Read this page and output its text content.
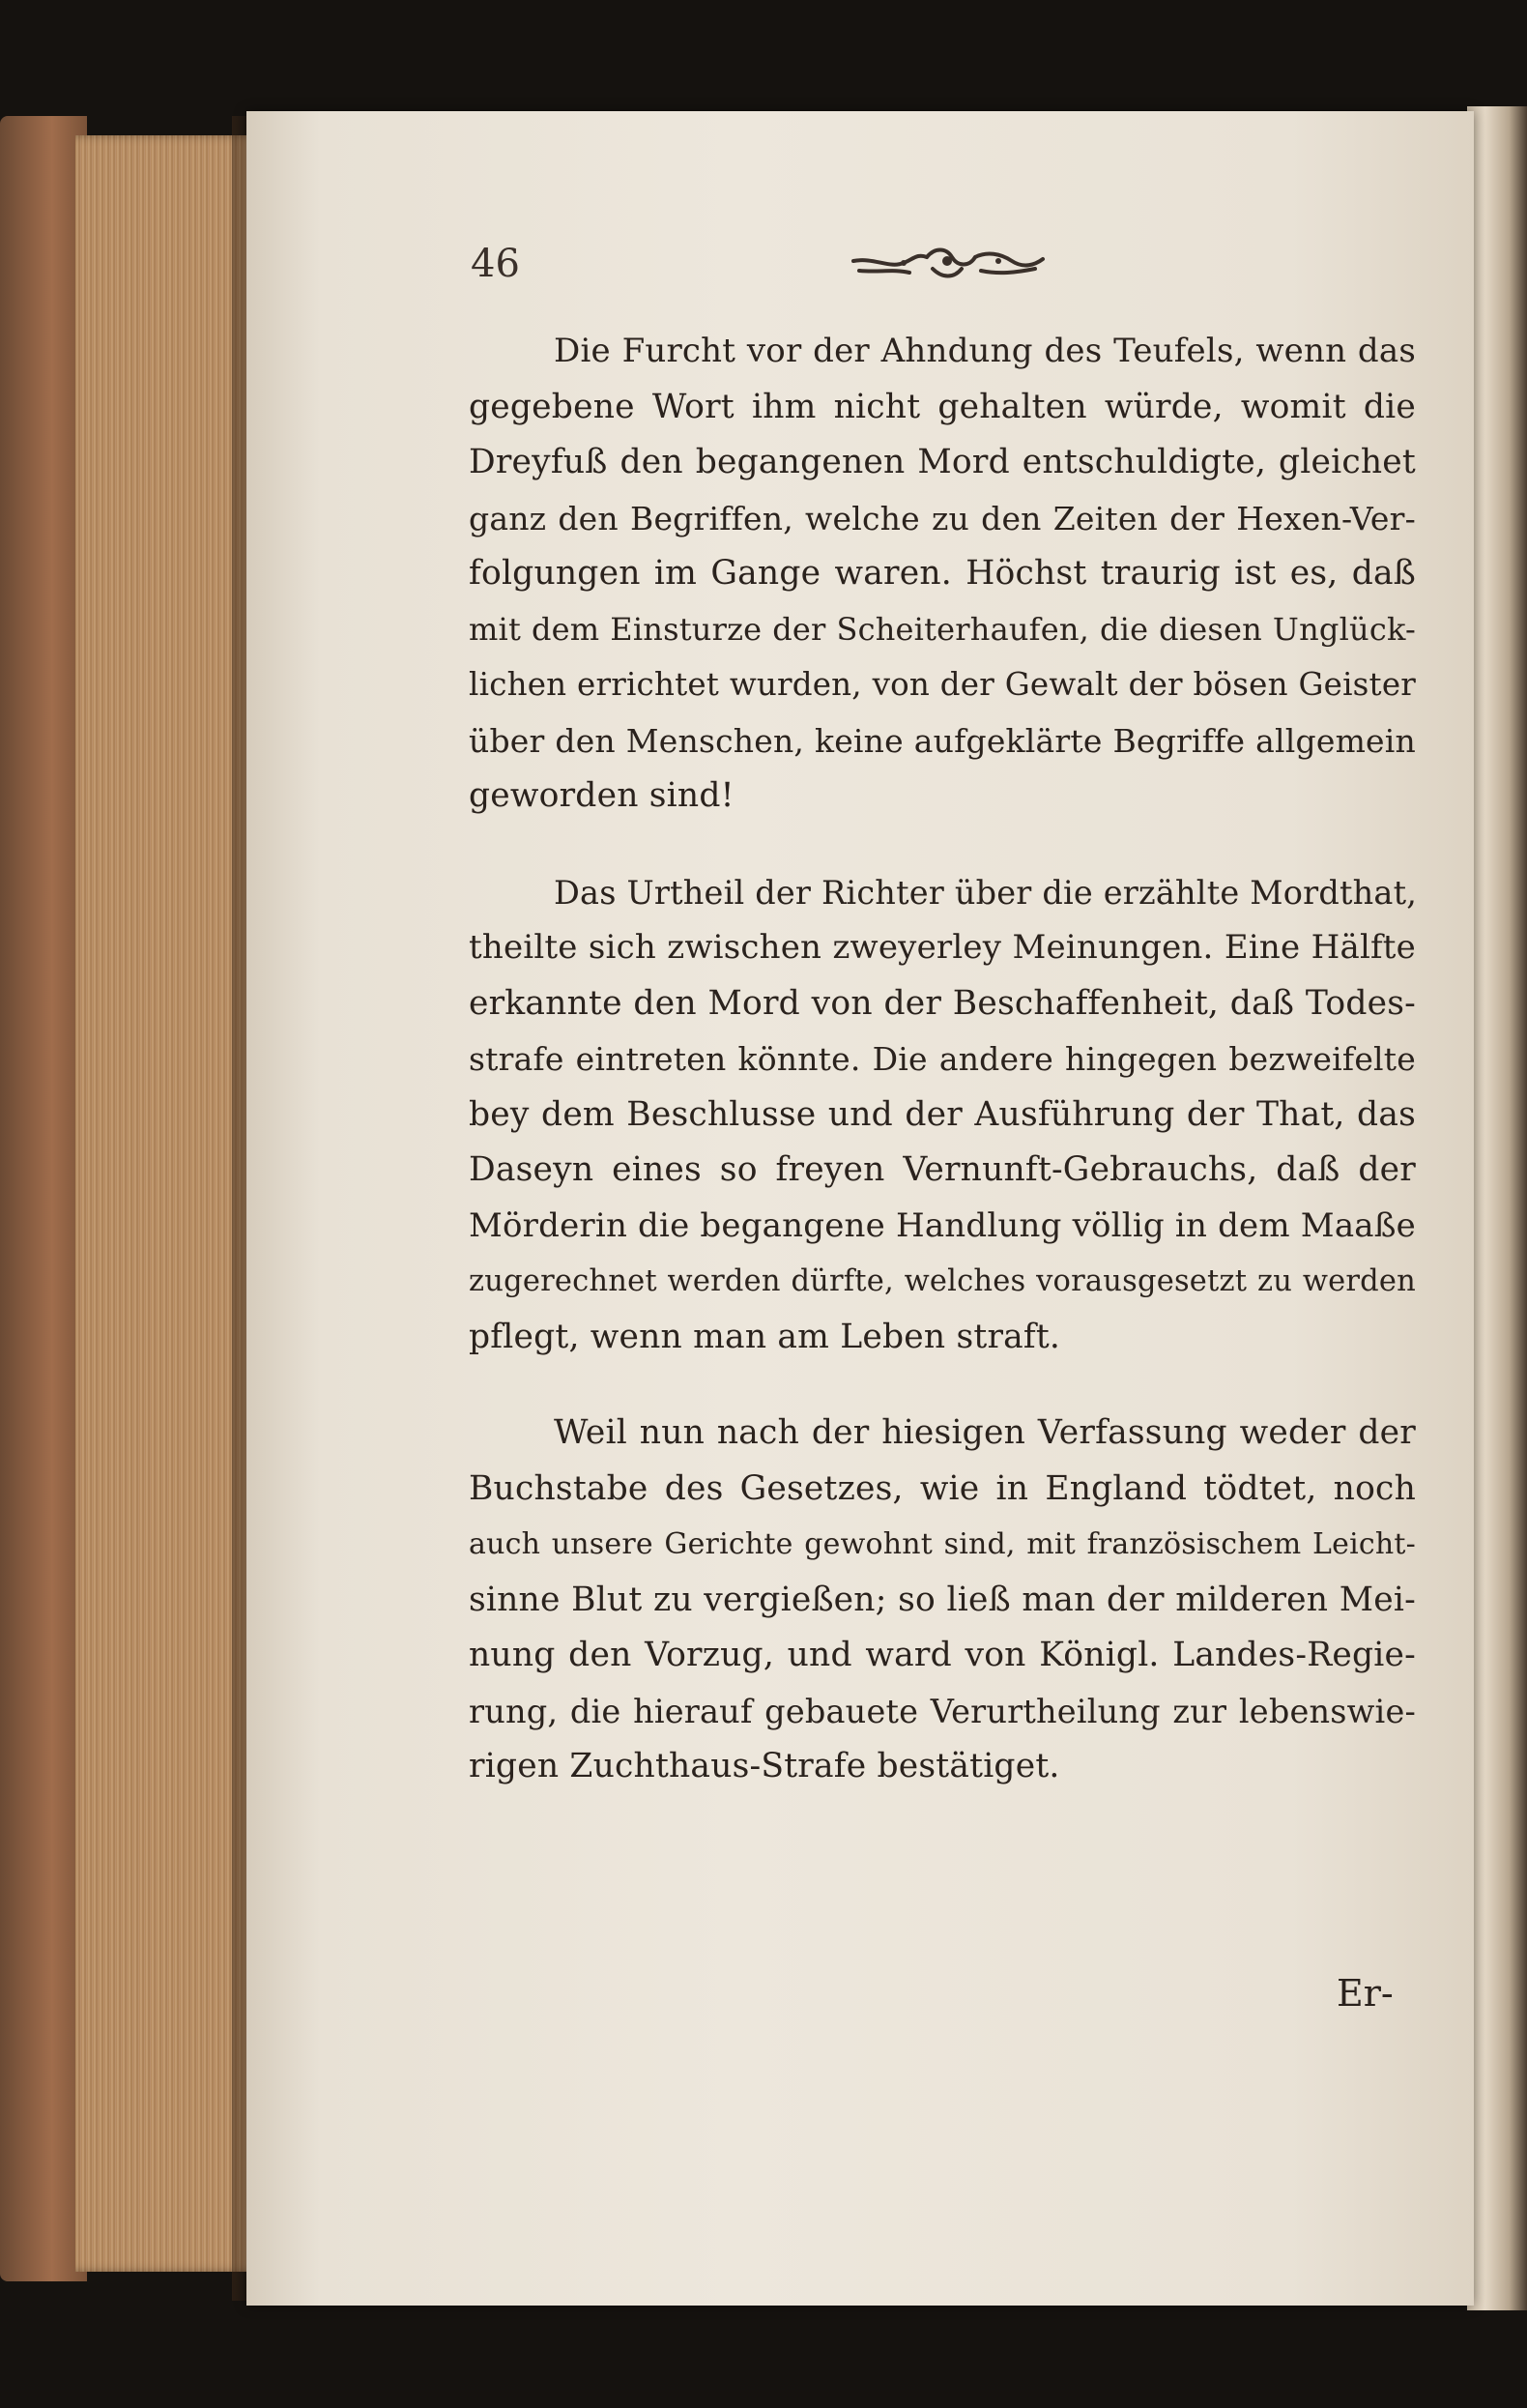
46

Die Furcht vor der Ahndung des Teufels, wenn das

gegebene Wort ihm nicht gehalten würde, womit die

Dreyfuß den begangenen Mord entschuldigte, gleichet

ganz den Begriffen, welche zu den Zeiten der Hexen-Ver-

folgungen im Gange waren. Höchst traurig ist es, daß

mit dem Einsturze der Scheiterhaufen, die diesen Unglück-

lichen errichtet wurden, von der Gewalt der bösen Geister

über den Menschen, keine aufgeklärte Begriffe allgemein

geworden sind!

Das Urtheil der Richter über die erzählte Mordthat,

theilte sich zwischen zweyerley Meinungen. Eine Hälfte

erkannte den Mord von der Beschaffenheit, daß Todes-

strafe eintreten könnte. Die andere hingegen bezweifelte

bey dem Beschlusse und der Ausführung der That, das

Daseyn eines so freyen Vernunft-Gebrauchs, daß der

Mörderin die begangene Handlung völlig in dem Maaße

zugerechnet werden dürfte, welches vorausgesetzt zu werden

pflegt, wenn man am Leben straft.

Weil nun nach der hiesigen Verfassung weder der

Buchstabe des Gesetzes, wie in England tödtet, noch

auch unsere Gerichte gewohnt sind, mit französischem Leicht-

sinne Blut zu vergießen; so ließ man der milderen Mei-

nung den Vorzug, und ward von Königl. Landes-Regie-

rung, die hierauf gebauete Verurtheilung zur lebenswie-

rigen Zuchthaus-Strafe bestätiget.

Er-
